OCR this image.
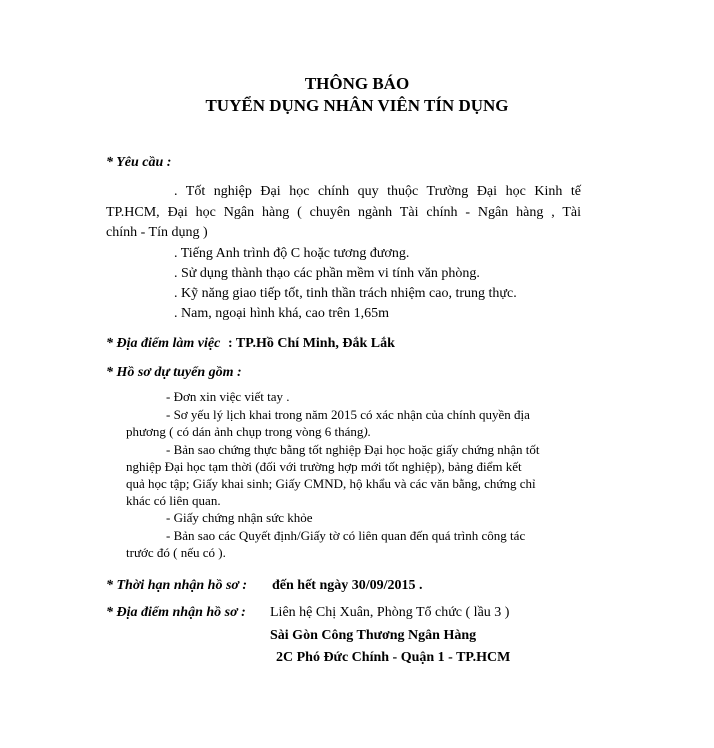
THÔNG BÁO
TUYỂN DỤNG NHÂN VIÊN TÍN DỤNG
* Yêu cầu :
. Tốt nghiệp Đại học chính quy thuộc Trường Đại học Kinh tế
TP.HCM, Đại học Ngân hàng ( chuyên ngành Tài chính - Ngân hàng , Tài
chính - Tín dụng )
. Tiếng Anh trình độ C hoặc tương đương.
. Sử dụng thành thạo các phần mềm vi tính văn phòng.
. Kỹ năng giao tiếp tốt, tinh thần trách nhiệm cao, trung thực.
. Nam, ngoại hình khá, cao trên 1,65m
* Địa điểm làm việc : TP.Hồ Chí Minh, Đắk Lắk
* Hồ sơ dự tuyển gồm :
- Đơn xin việc viết tay .
- Sơ yếu lý lịch khai trong năm 2015 có xác nhận của chính quyền địa
phương ( có dán ảnh chụp trong vòng 6 tháng).
- Bản sao chứng thực bằng tốt nghiệp Đại học hoặc giấy chứng nhận tốt
nghiệp Đại học tạm thời (đối với trường hợp mới tốt nghiệp), bảng điểm kết
quả học tập; Giấy khai sinh; Giấy CMND, hộ khẩu và các văn bằng, chứng chỉ
khác có liên quan.
- Giấy chứng nhận sức khỏe
- Bản sao các Quyết định/Giấy tờ có liên quan đến quá trình công tác
trước đó ( nếu có ).
* Thời hạn nhận hồ sơ : đến hết ngày 30/09/2015 .
* Địa điểm nhận hồ sơ : Liên hệ Chị Xuân, Phòng Tổ chức ( lầu 3 )
Sài Gòn Công Thương Ngân Hàng
2C Phó Đức Chính - Quận 1 - TP.HCM
